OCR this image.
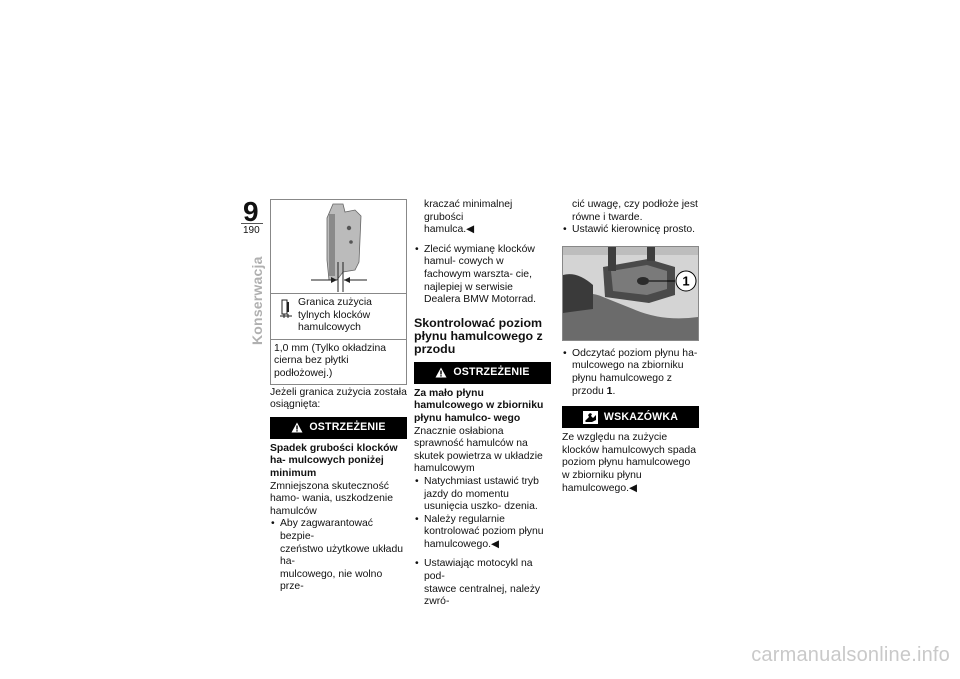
9
190
Konserwacja	Granica zużycia tylnych klocków hamulcowych
1,0 mm (Tylko okładzina cierna bez płytki podłożowej.)

Jeżeli granica zużycia została osiągnięta:

OSTRZEŻENIE

Spadek grubości klocków ha- mulcowych poniżej minimum

Zmniejszona skuteczność hamo- wania, uszkodzenie hamulców

• Aby zagwarantować bezpie-
czeństwo użytkowe układu ha-
mulcowego, nie wolno prze-
kraczać minimalnej grubości
hamulca.◀
• Zlecić wymianę klocków hamul- cowych w fachowym warszta- cie, najlepiej w serwisie Dealera BMW Motorrad.
Skontrolować poziom płynu hamulcowego z przodu
OSTRZEŻENIE

Za mało płynu hamulcowego w zbiorniku płynu hamulco- wego

Znacznie osłabiona sprawność hamulców na skutek powietrza w układzie hamulcowym

• Natychmiast ustawić tryb jazdy do momentu usunięcia uszko- dzenia.
• Należy regularnie kontrolować poziom płynu hamulcowego.◀
• Ustawiając motocykl na pod-
stawce centralnej, należy zwró-
cić uwagę, czy podłoże jest równe i twarde.
• Ustawić kierownicę prosto.
1
• Odczytać poziom płynu ha- mulcowego na zbiorniku płynu hamulcowego z przodu 1.
WSKAZÓWKA

Ze względu na zużycie klocków hamulcowych spada poziom płynu hamulcowego w zbiorniku płynu hamulcowego.◀

carmanualsonline.info
